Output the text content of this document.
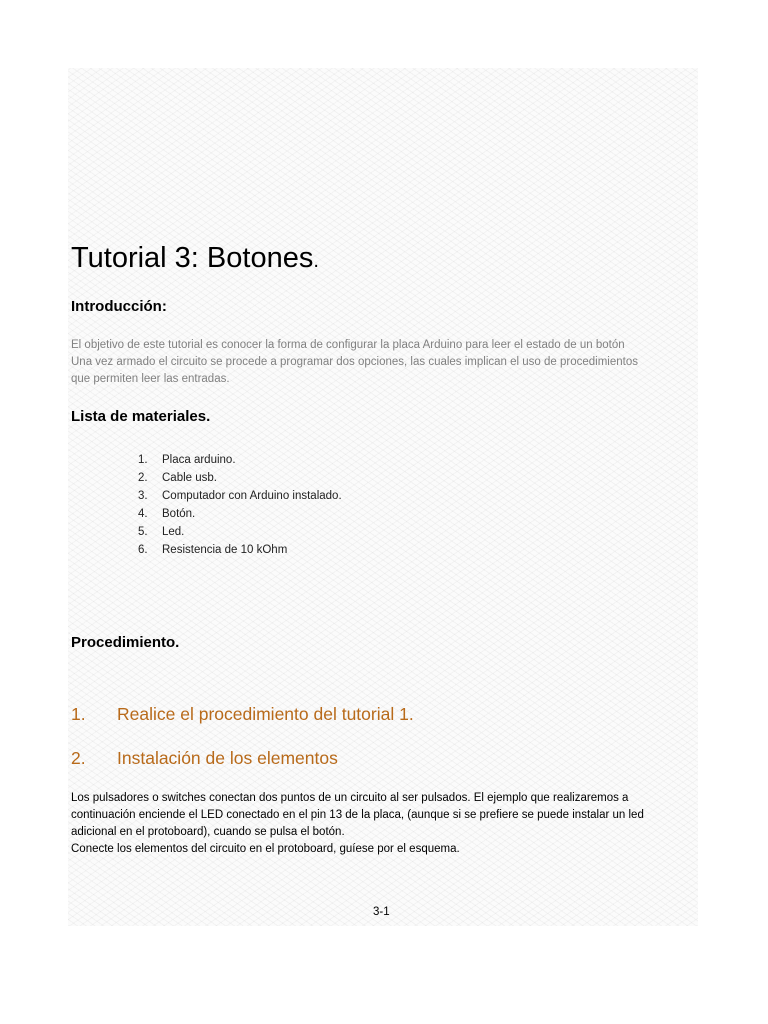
Tutorial 3: Botones.
Introducción:

El objetivo de este tutorial es conocer la forma de configurar la placa Arduino para leer el estado de un botón
Una vez armado el circuito se procede a programar dos opciones, las cuales implican el uso de procedimientos
que permiten leer las entradas.

Lista de materiales.
1. Placa arduino.
2. Cable usb.
3. Computador con Arduino instalado.
4. Botón.
5. Led.
6. Resistencia de 10 kOhm
Procedimiento.
1. Realice el procedimiento del tutorial 1.
2. Instalación de los elementos

Los pulsadores o switches conectan dos puntos de un circuito al ser pulsados. El ejemplo que realizaremos a
continuación enciende el LED conectado en el pin 13 de la placa, (aunque si se prefiere se puede instalar un led
adicional en el protoboard), cuando se pulsa el botón.
Conecte los elementos del circuito en el protoboard, guíese por el esquema.

3-1
